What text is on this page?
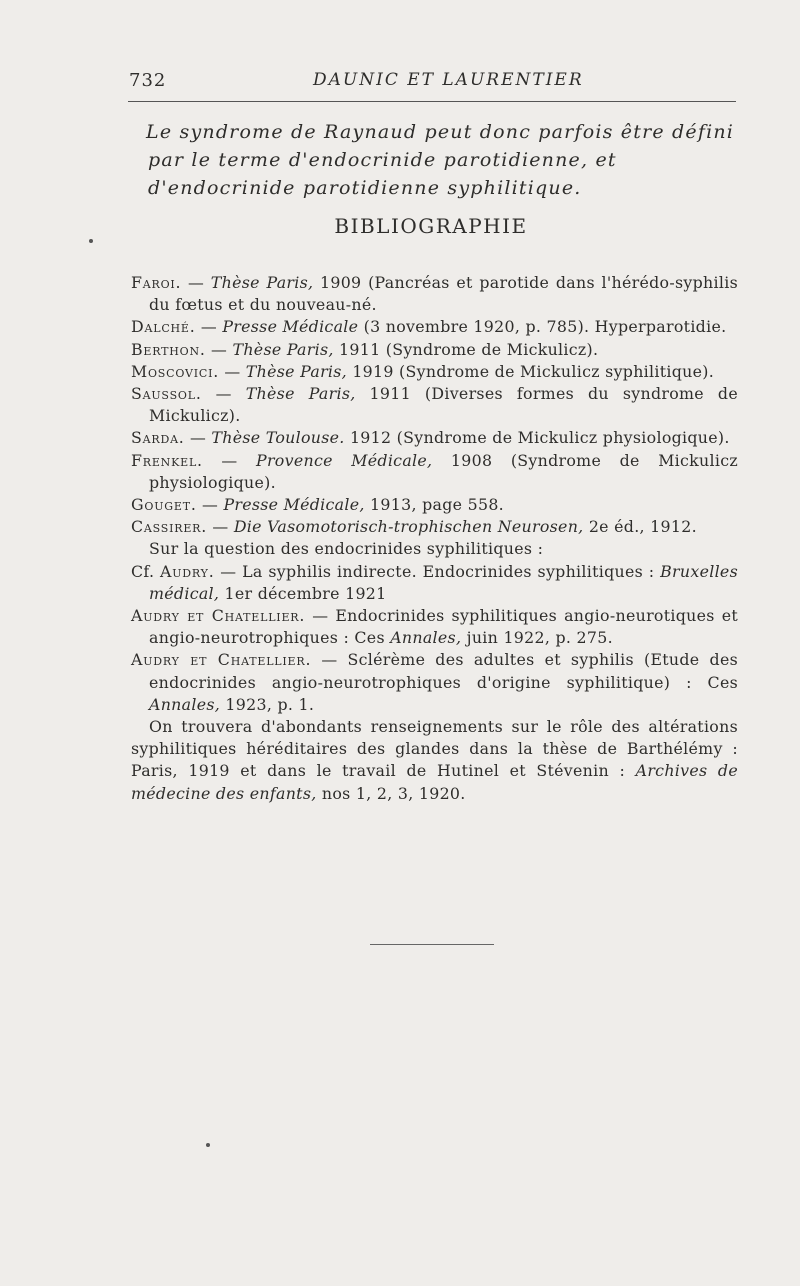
732	DAUNIC ET LAURENTIER

Le syndrome de Raynaud peut donc parfois être défini par le terme d'endocrinide parotidienne, et d'endocrinide parotidienne syphilitique.

BIBLIOGRAPHIE

Faroi. — Thèse Paris, 1909 (Pancréas et parotide dans l'hérédo-syphilis du fœtus et du nouveau-né.

Dalché. — Presse Médicale (3 novembre 1920, p. 785). Hyperparotidie.

Berthon. — Thèse Paris, 1911 (Syndrome de Mickulicz).

Moscovici. — Thèse Paris, 1919 (Syndrome de Mickulicz syphilitique).

Saussol. — Thèse Paris, 1911 (Diverses formes du syndrome de Mickulicz).

Sarda. — Thèse Toulouse. 1912 (Syndrome de Mickulicz physiologique).

Frenkel. — Provence Médicale, 1908 (Syndrome de Mickulicz physiologique).

Gouget. — Presse Médicale, 1913, page 558.

Cassirer. — Die Vasomotorisch-trophischen Neurosen, 2e éd., 1912.

Sur la question des endocrinides syphilitiques :

Cf. Audry. — La syphilis indirecte. Endocrinides syphilitiques : Bruxelles médical, 1er décembre 1921

Audry et Chatellier. — Endocrinides syphilitiques angio-neurotiques et angio-neurotrophiques : Ces Annales, juin 1922, p. 275.

Audry et Chatellier. — Sclérème des adultes et syphilis (Etude des endocrinides angio-neurotrophiques d'origine syphilitique) : Ces Annales, 1923, p. 1.

On trouvera d'abondants renseignements sur le rôle des altérations syphilitiques héréditaires des glandes dans la thèse de Barthélémy : Paris, 1919 et dans le travail de Hutinel et Stévenin : Archives de médecine des enfants, nos 1, 2, 3, 1920.
